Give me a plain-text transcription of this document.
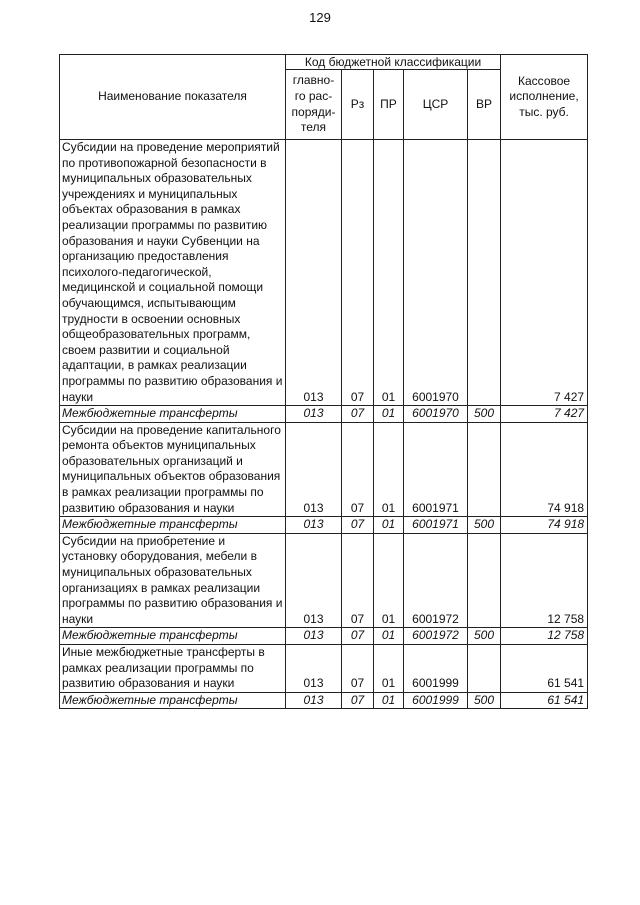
129
Наименование показателя	Код бюджетной классификации					Кассовое исполнение, тыс. руб.
	главно-го рас-поряди-теля	Рз	ПР	ЦСР	ВР	
Субсидии на проведение мероприятий по противопожарной безопасности в муниципальных образовательных учреждениях и муниципальных объектах образования в рамках реализации программы по развитию образования и науки Субвенции на организацию предоставления психолого-педагогической, медицинской и социальной помощи обучающимся, испытывающим трудности в освоении основных общеобразовательных программ, своем развитии и социальной адаптации, в рамках реализации программы по развитию образования и науки	013	07	01	6001970		7 427
Межбюджетные трансферты	013	07	01	6001970	500	7 427
Субсидии на проведение капитального ремонта объектов муниципальных образовательных организаций и муниципальных объектов образования в рамках реализации программы по развитию образования и науки	013	07	01	6001971		74 918
Межбюджетные трансферты	013	07	01	6001971	500	74 918
Субсидии на приобретение и установку оборудования, мебели в муниципальных образовательных организациях в рамках реализации программы по развитию образования и науки	013	07	01	6001972		12 758
Межбюджетные трансферты	013	07	01	6001972	500	12 758
Иные межбюджетные трансферты в рамках реализации программы по развитию образования и науки	013	07	01	6001999		61 541
Межбюджетные трансферты	013	07	01	6001999	500	61 541
